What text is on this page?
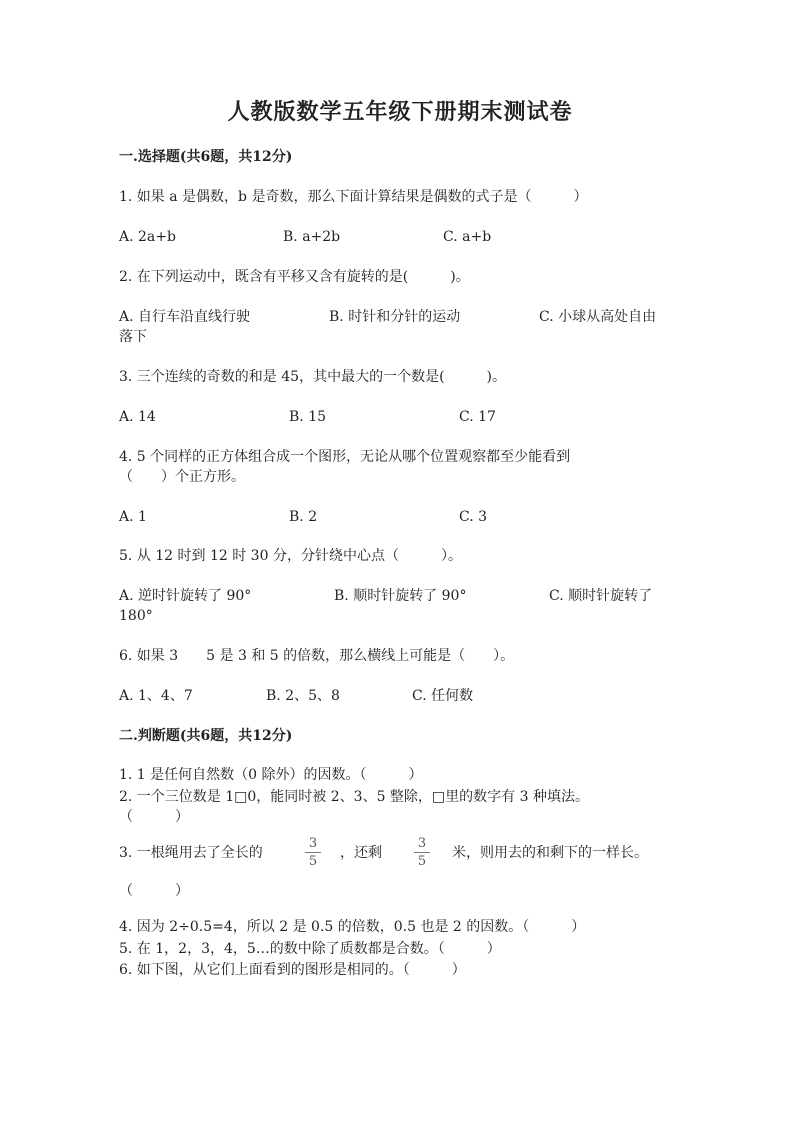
人教版数学五年级下册期末测试卷
一.选择题(共6题，共12分)
1. 如果 a 是偶数，b 是奇数，那么下面计算结果是偶数的式子是（　　　）
A. 2a+b	B. a+2b	C. a+b
2. 在下列运动中，既含有平移又含有旋转的是(　　　)。
A. 自行车沿直线行驶	B. 时针和分针的运动	C. 小球从高处自由
落下
3. 三个连续的奇数的和是 45，其中最大的一个数是(　　　)。
A. 14	B. 15	C. 17
4. 5 个同样的正方体组合成一个图形，无论从哪个位置观察都至少能看到
（　　）个正方形。
A. 1	B. 2	C. 3
5. 从 12 时到 12 时 30 分，分针绕中心点（　　　）。
A. 逆时针旋转了 90°	B. 顺时针旋转了 90°	C. 顺时针旋转了
180°
6. 如果 3　　5 是 3 和 5 的倍数，那么横线上可能是（　　）。
A. 1、4、7	B. 2、5、8	C. 任何数
二.判断题(共6题，共12分)
1. 1 是任何自然数（0 除外）的因数。（　　　）
2. 一个三位数是 1□0，能同时被 2、3、5 整除，□里的数字有 3 种填法。
（　　　）
3. 一根绳用去了全长的
3
5
，还剩
3
5
米，则用去的和剩下的一样长。
（　　　）
4. 因为 2÷0.5=4，所以 2 是 0.5 的倍数，0.5 也是 2 的因数。（　　　）
5. 在 1，2，3，4，5…的数中除了质数都是合数。（　　　）
6. 如下图，从它们上面看到的图形是相同的。（　　　）
